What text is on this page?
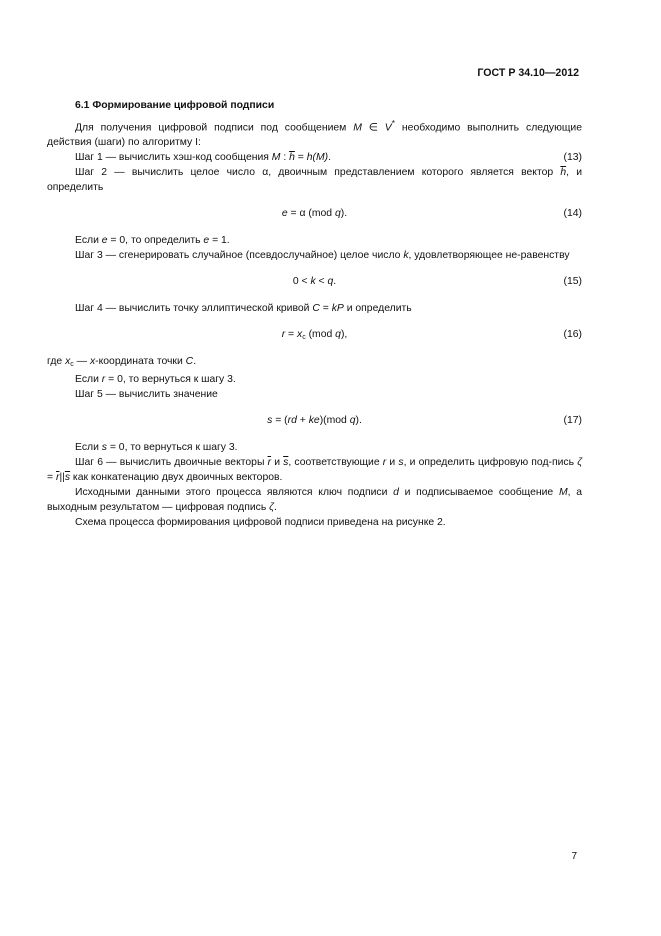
ГОСТ Р 34.10—2012
6.1 Формирование цифровой подписи

Для получения цифровой подписи под сообщением M ∈ V* необходимо выполнить следующие действия (шаги) по алгоритму I:

Шаг 1 — вычислить хэш-код сообщения M : $\overline{h} = h(M)$.	(13)

Шаг 2 — вычислить целое число α, двоичным представлением которого является вектор $\overline{h}$, и определить

e = α (mod q).	(14)

Если e = 0, то определить e = 1.

Шаг 3 — сгенерировать случайное (псевдослучайное) целое число k, удовлетворяющее не-равенству

0 < k < q.	(15)

Шаг 4 — вычислить точку эллиптической кривой C = kP и определить

$r = x_c$ (mod q),	(16)

где $x_c$ — x-координата точки C.

Если r = 0, то вернуться к шагу 3.

Шаг 5 — вычислить значение

s = (rd + ke)(mod q).	(17)

Если s = 0, то вернуться к шагу 3.

Шаг 6 — вычислить двоичные векторы $\overline{r}$ и $\overline{s}$, соответствующие r и s, и определить цифровую под-пись $\zeta = \overline{r}||\overline{s}$ как конкатенацию двух двоичных векторов.

Исходными данными этого процесса являются ключ подписи d и подписываемое сообщение M, а выходным результатом — цифровая подпись ζ.

Схема процесса формирования цифровой подписи приведена на рисунке 2.

7
